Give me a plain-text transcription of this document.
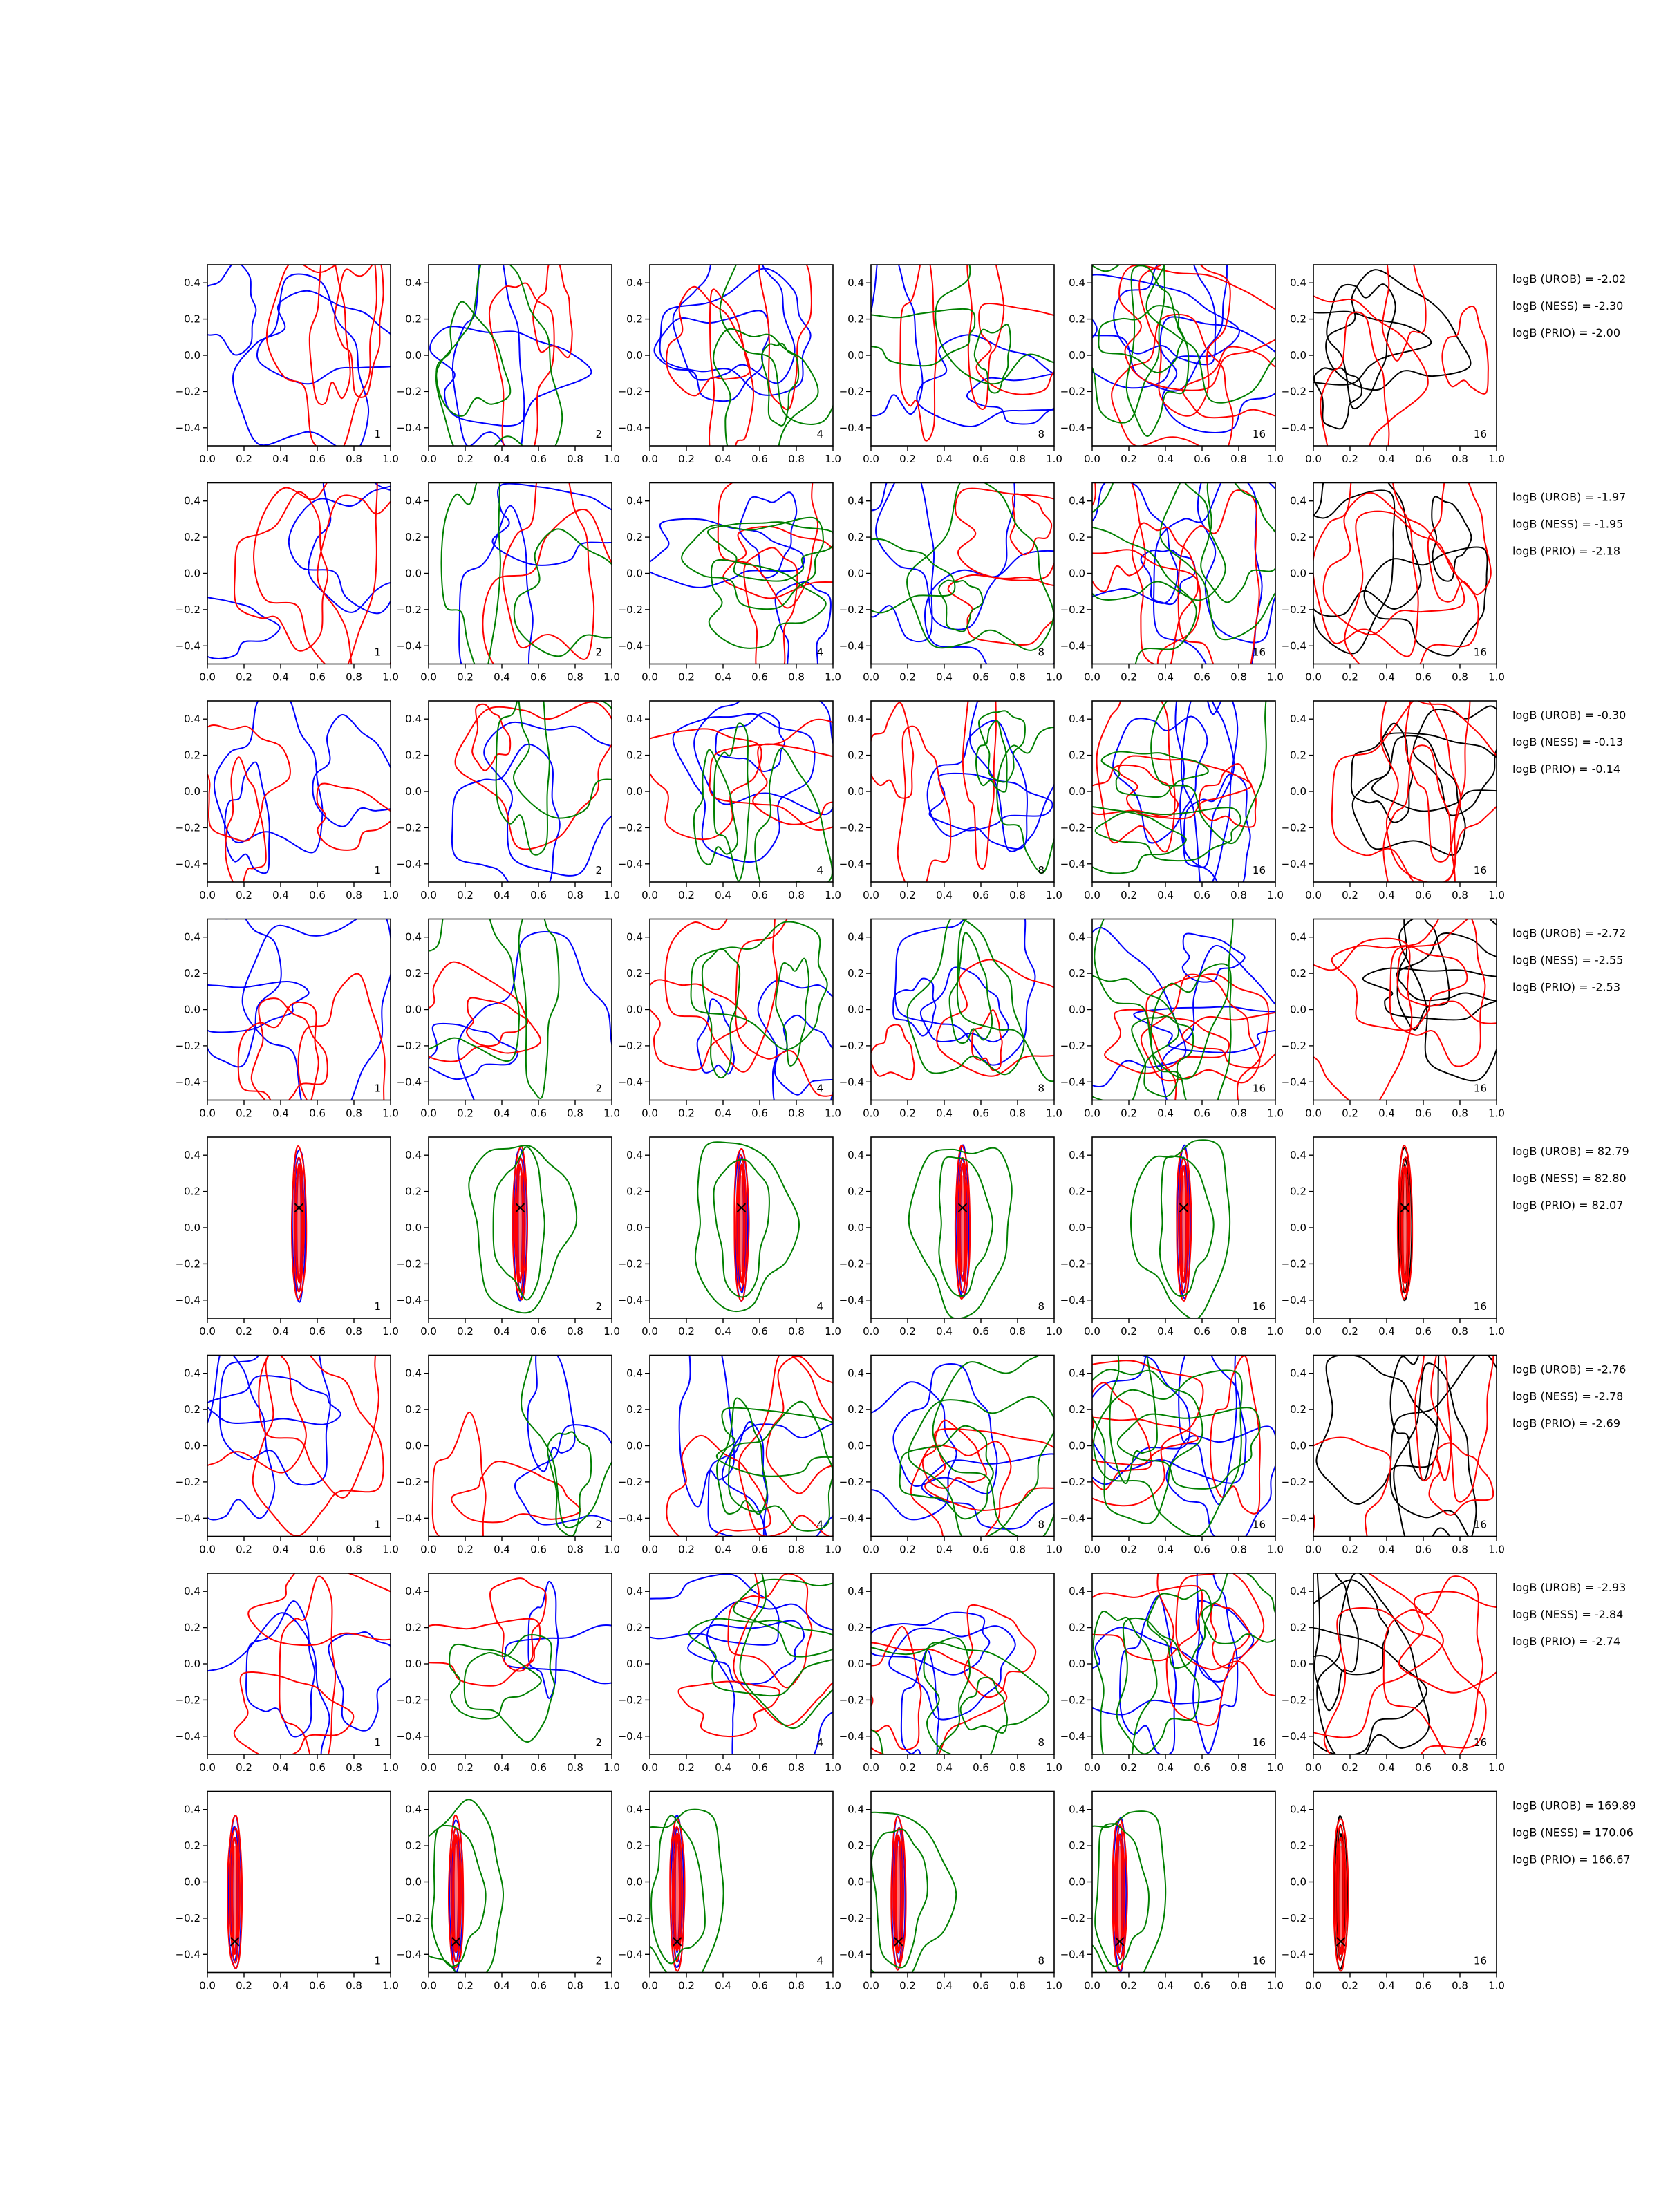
0.0 0.2 0.4 0.6 0.8 1.0
−0.4
−0.2
0.0
0.2
0.4
1
0.0 0.2 0.4 0.6 0.8 1.0
−0.4
−0.2
0.0
0.2
0.4
2
0.0 0.2 0.4 0.6 0.8 1.0
−0.4
−0.2
0.0
0.2
0.4
4
0.0 0.2 0.4 0.6 0.8 1.0
−0.4
−0.2
0.0
0.2
0.4
8
0.0 0.2 0.4 0.6 0.8 1.0
−0.4
−0.2
0.0
0.2
0.4
16
0.0 0.2 0.4 0.6 0.8 1.0
−0.4
−0.2
0.0
0.2
0.4
16
logB (UROB) = -2.02
logB (NESS) = -2.30
logB (PRIO) = -2.00
0.0 0.2 0.4 0.6 0.8 1.0
−0.4
−0.2
0.0
0.2
0.4
1
0.0 0.2 0.4 0.6 0.8 1.0
−0.4
−0.2
0.0
0.2
0.4
2
0.0 0.2 0.4 0.6 0.8 1.0
−0.4
−0.2
0.0
0.2
0.4
4
0.0 0.2 0.4 0.6 0.8 1.0
−0.4
−0.2
0.0
0.2
0.4
8
0.0 0.2 0.4 0.6 0.8 1.0
−0.4
−0.2
0.0
0.2
0.4
16
0.0 0.2 0.4 0.6 0.8 1.0
−0.4
−0.2
0.0
0.2
0.4
16
logB (UROB) = -1.97
logB (NESS) = -1.95
logB (PRIO) = -2.18
0.0 0.2 0.4 0.6 0.8 1.0
−0.4
−0.2
0.0
0.2
0.4
1
0.0 0.2 0.4 0.6 0.8 1.0
−0.4
−0.2
0.0
0.2
0.4
2
0.0 0.2 0.4 0.6 0.8 1.0
−0.4
−0.2
0.0
0.2
0.4
4
0.0 0.2 0.4 0.6 0.8 1.0
−0.4
−0.2
0.0
0.2
0.4
8
0.0 0.2 0.4 0.6 0.8 1.0
−0.4
−0.2
0.0
0.2
0.4
16
0.0 0.2 0.4 0.6 0.8 1.0
−0.4
−0.2
0.0
0.2
0.4
16
logB (UROB) = -0.30
logB (NESS) = -0.13
logB (PRIO) = -0.14
0.0 0.2 0.4 0.6 0.8 1.0
−0.4
−0.2
0.0
0.2
0.4
1
0.0 0.2 0.4 0.6 0.8 1.0
−0.4
−0.2
0.0
0.2
0.4
2
0.0 0.2 0.4 0.6 0.8 1.0
−0.4
−0.2
0.0
0.2
0.4
4
0.0 0.2 0.4 0.6 0.8 1.0
−0.4
−0.2
0.0
0.2
0.4
8
0.0 0.2 0.4 0.6 0.8 1.0
−0.4
−0.2
0.0
0.2
0.4
16
0.0 0.2 0.4 0.6 0.8 1.0
−0.4
−0.2
0.0
0.2
0.4
16
logB (UROB) = -2.72
logB (NESS) = -2.55
logB (PRIO) = -2.53
0.0 0.2 0.4 0.6 0.8 1.0
−0.4
−0.2
0.0
0.2
0.4
1
0.0 0.2 0.4 0.6 0.8 1.0
−0.4
−0.2
0.0
0.2
0.4
2
0.0 0.2 0.4 0.6 0.8 1.0
−0.4
−0.2
0.0
0.2
0.4
4
0.0 0.2 0.4 0.6 0.8 1.0
−0.4
−0.2
0.0
0.2
0.4
8
0.0 0.2 0.4 0.6 0.8 1.0
−0.4
−0.2
0.0
0.2
0.4
16
0.0 0.2 0.4 0.6 0.8 1.0
−0.4
−0.2
0.0
0.2
0.4
16
logB (UROB) = 82.79
logB (NESS) = 82.80
logB (PRIO) = 82.07
0.0 0.2 0.4 0.6 0.8 1.0
−0.4
−0.2
0.0
0.2
0.4
1
0.0 0.2 0.4 0.6 0.8 1.0
−0.4
−0.2
0.0
0.2
0.4
2
0.0 0.2 0.4 0.6 0.8 1.0
−0.4
−0.2
0.0
0.2
0.4
4
0.0 0.2 0.4 0.6 0.8 1.0
−0.4
−0.2
0.0
0.2
0.4
8
0.0 0.2 0.4 0.6 0.8 1.0
−0.4
−0.2
0.0
0.2
0.4
16
0.0 0.2 0.4 0.6 0.8 1.0
−0.4
−0.2
0.0
0.2
0.4
16
logB (UROB) = -2.76
logB (NESS) = -2.78
logB (PRIO) = -2.69
0.0 0.2 0.4 0.6 0.8 1.0
−0.4
−0.2
0.0
0.2
0.4
1
0.0 0.2 0.4 0.6 0.8 1.0
−0.4
−0.2
0.0
0.2
0.4
2
0.0 0.2 0.4 0.6 0.8 1.0
−0.4
−0.2
0.0
0.2
0.4
4
0.0 0.2 0.4 0.6 0.8 1.0
−0.4
−0.2
0.0
0.2
0.4
8
0.0 0.2 0.4 0.6 0.8 1.0
−0.4
−0.2
0.0
0.2
0.4
16
0.0 0.2 0.4 0.6 0.8 1.0
−0.4
−0.2
0.0
0.2
0.4
16
logB (UROB) = -2.93
logB (NESS) = -2.84
logB (PRIO) = -2.74
0.0 0.2 0.4 0.6 0.8 1.0
−0.4
−0.2
0.0
0.2
0.4
1
0.0 0.2 0.4 0.6 0.8 1.0
−0.4
−0.2
0.0
0.2
0.4
2
0.0 0.2 0.4 0.6 0.8 1.0
−0.4
−0.2
0.0
0.2
0.4
4
0.0 0.2 0.4 0.6 0.8 1.0
−0.4
−0.2
0.0
0.2
0.4
8
0.0 0.2 0.4 0.6 0.8 1.0
−0.4
−0.2
0.0
0.2
0.4
16
0.0 0.2 0.4 0.6 0.8 1.0
−0.4
−0.2
0.0
0.2
0.4
16
logB (UROB) = 169.89
logB (NESS) = 170.06
logB (PRIO) = 166.67
